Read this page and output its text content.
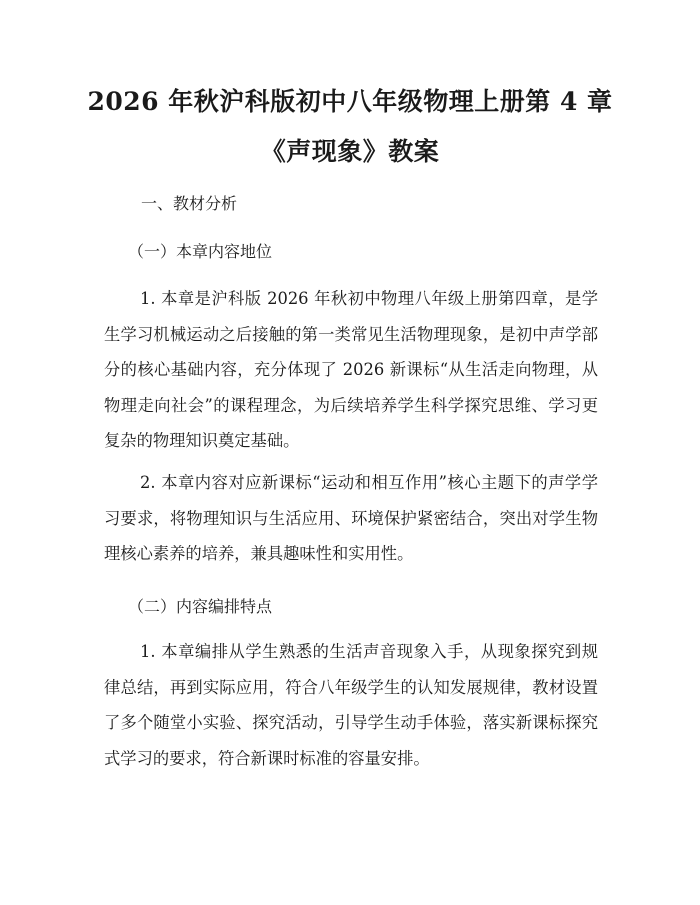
2026 年秋沪科版初中八年级物理上册第 4 章
《声现象》教案
一、教材分析
（一）本章内容地位
1. 本章是沪科版 2026 年秋初中物理八年级上册第四章，是学生学习机械运动之后接触的第一类常见生活物理现象，是初中声学部分的核心基础内容，充分体现了 2026 新课标“从生活走向物理，从物理走向社会”的课程理念，为后续培养学生科学探究思维、学习更复杂的物理知识奠定基础。
2. 本章内容对应新课标“运动和相互作用”核心主题下的声学学习要求，将物理知识与生活应用、环境保护紧密结合，突出对学生物理核心素养的培养，兼具趣味性和实用性。
（二）内容编排特点
1. 本章编排从学生熟悉的生活声音现象入手，从现象探究到规律总结，再到实际应用，符合八年级学生的认知发展规律，教材设置了多个随堂小实验、探究活动，引导学生动手体验，落实新课标探究式学习的要求，符合新课时标准的容量安排。
